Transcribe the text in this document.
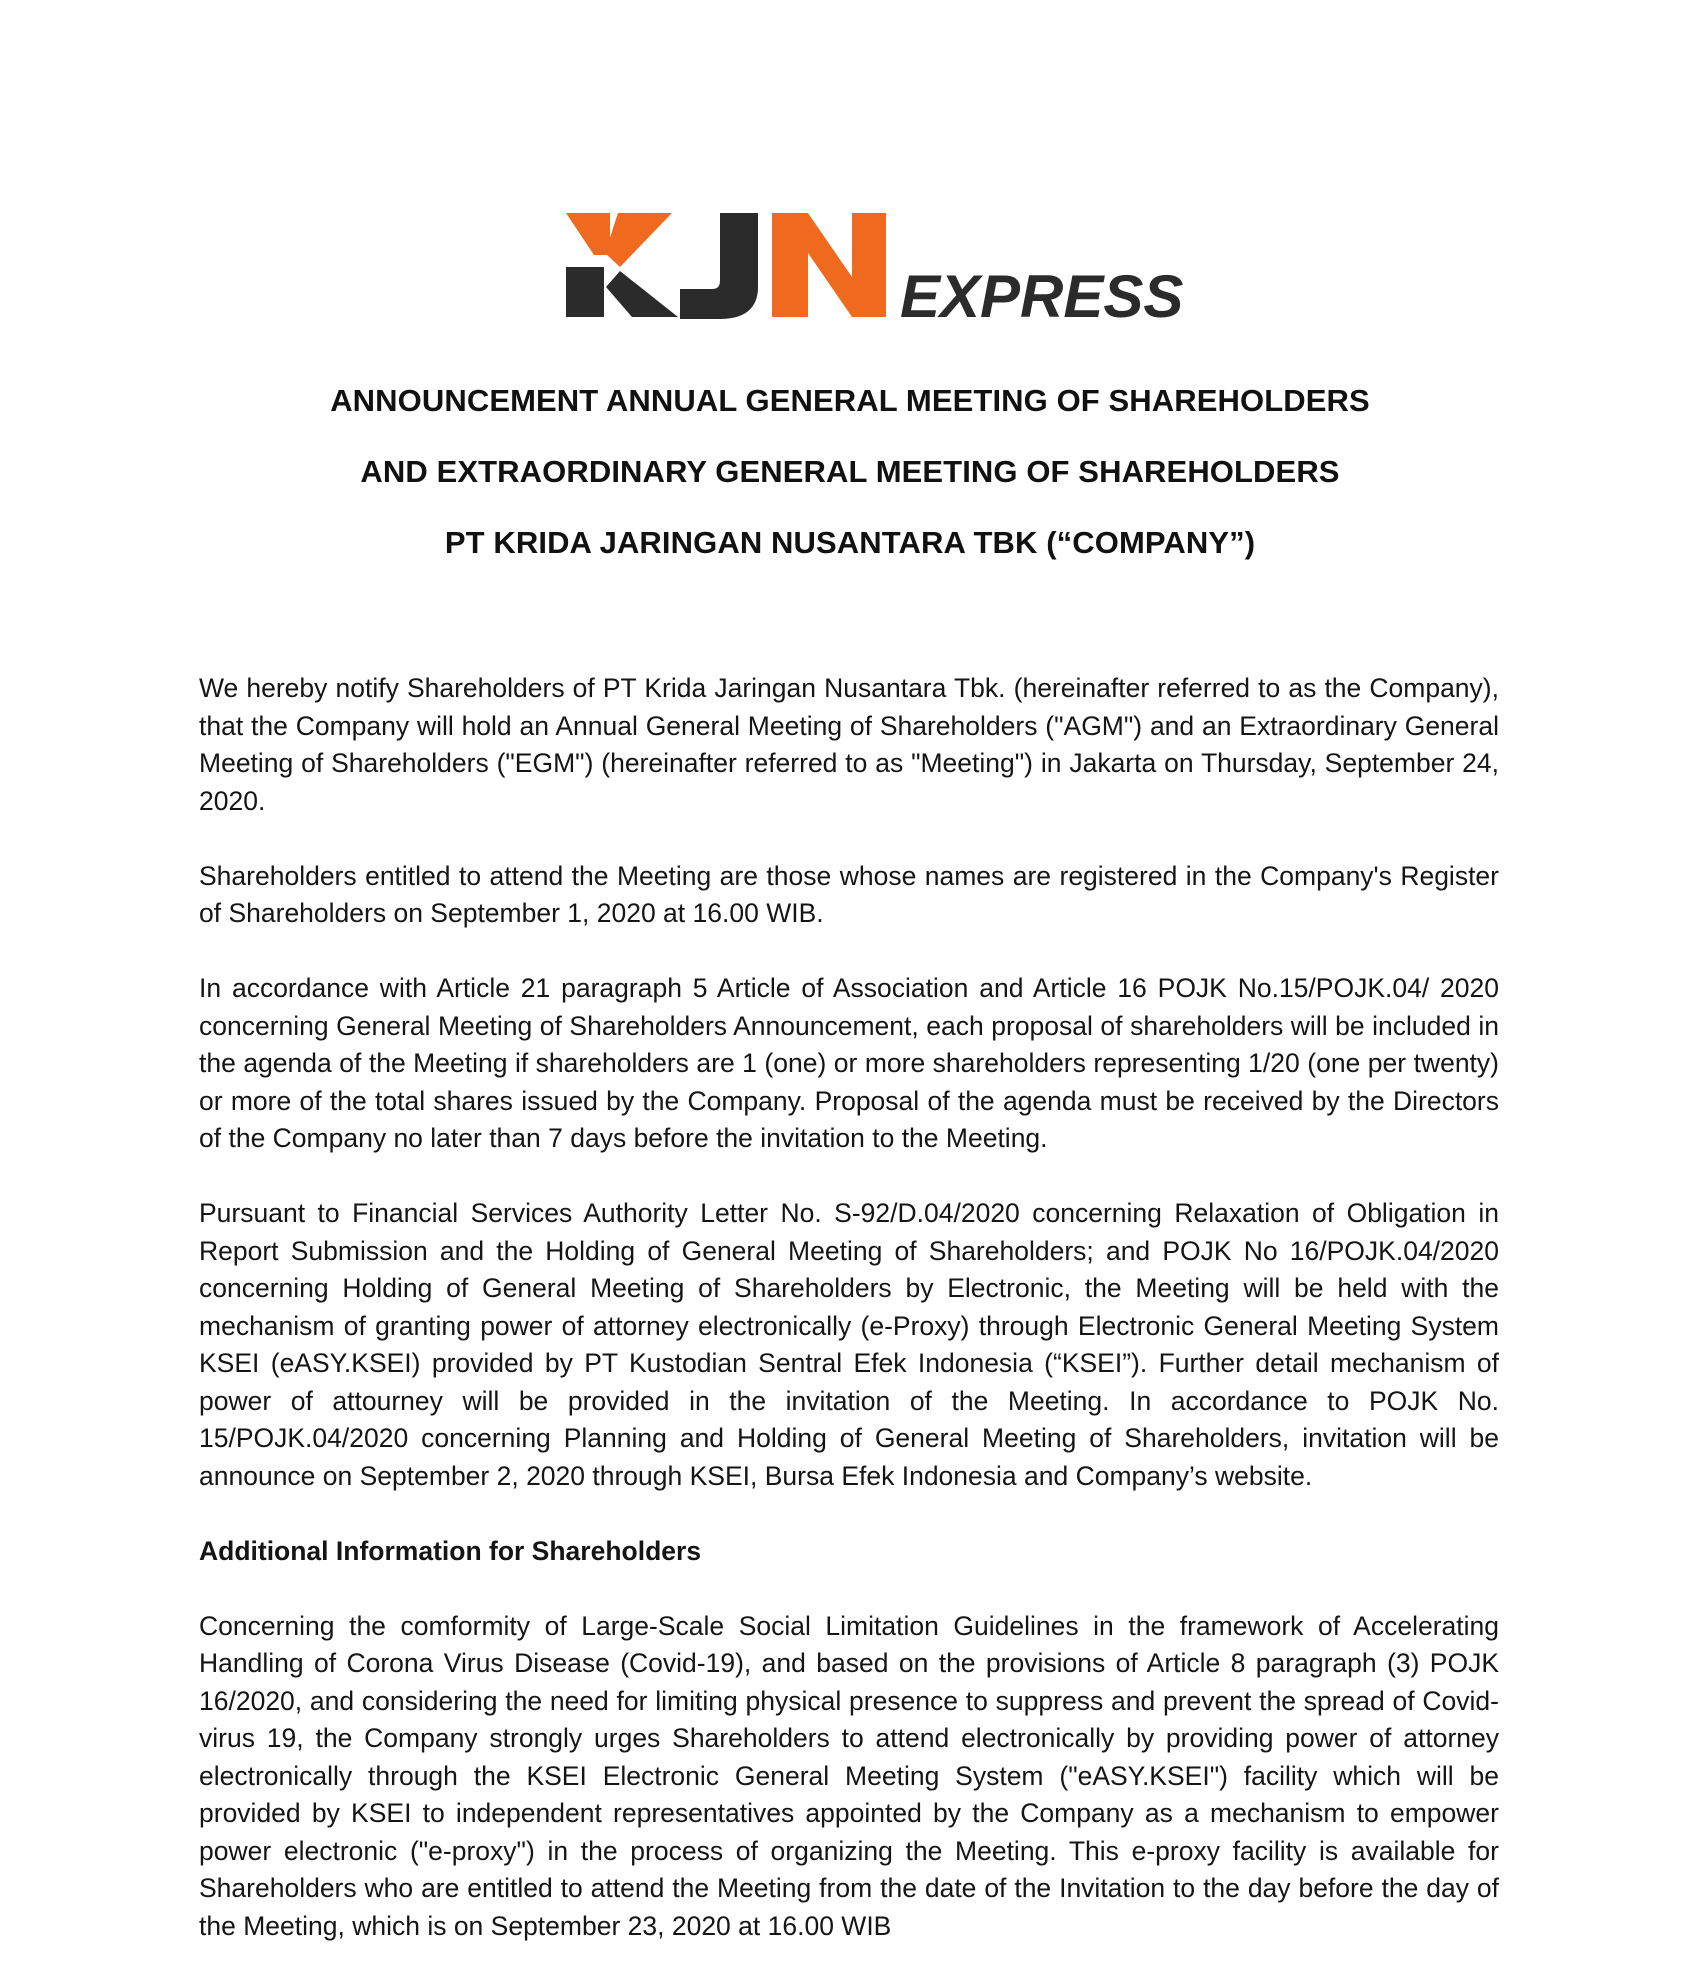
EXPRESS
ANNOUNCEMENT ANNUAL GENERAL MEETING OF SHAREHOLDERS
AND EXTRAORDINARY GENERAL MEETING OF SHAREHOLDERS
PT KRIDA JARINGAN NUSANTARA TBK (“COMPANY”)

We hereby notify Shareholders of PT Krida Jaringan Nusantara Tbk. (hereinafter referred to as the Company), that the Company will hold an Annual General Meeting of Shareholders ("AGM") and an Extraordinary General Meeting of Shareholders ("EGM") (hereinafter referred to as "Meeting") in Jakarta on Thursday, September 24, 2020.

Shareholders entitled to attend the Meeting are those whose names are registered in the Company's Register of Shareholders on September 1, 2020 at 16.00 WIB.

In accordance with Article 21 paragraph 5 Article of Association and Article 16 POJK No.15/POJK.04/ 2020 concerning General Meeting of Shareholders Announcement, each proposal of shareholders will be included in the agenda of the Meeting if shareholders are 1 (one) or more shareholders representing 1/20 (one per twenty) or more of the total shares issued by the Company. Proposal of the agenda must be received by the Directors of the Company no later than 7 days before the invitation to the Meeting.

Pursuant to Financial Services Authority Letter No. S-92/D.04/2020 concerning Relaxation of Obligation in Report Submission and the Holding of General Meeting of Shareholders; and POJK No 16/POJK.04/2020 concerning Holding of General Meeting of Shareholders by Electronic, the Meeting will be held with the mechanism of granting power of attorney electronically (e-Proxy) through Electronic General Meeting System KSEI (eASY.KSEI) provided by PT Kustodian Sentral Efek Indonesia (“KSEI”). Further detail mechanism of power of attourney will be provided in the invitation of the Meeting. In accordance to POJK No. 15/POJK.04/2020 concerning Planning and Holding of General Meeting of Shareholders, invitation will be announce on September 2, 2020 through KSEI, Bursa Efek Indonesia and Company’s website.

Additional Information for Shareholders

Concerning the comformity of Large-Scale Social Limitation Guidelines in the framework of Accelerating Handling of Corona Virus Disease (Covid-19), and based on the provisions of Article 8 paragraph (3) POJK 16/2020, and considering the need for limiting physical presence to suppress and prevent the spread of Covid-virus 19, the Company strongly urges Shareholders to attend electronically by providing power of attorney electronically through the KSEI Electronic General Meeting System ("eASY.KSEI") facility which will be provided by KSEI to independent representatives appointed by the Company as a mechanism to empower power electronic ("e-proxy") in the process of organizing the Meeting. This e-proxy facility is available for Shareholders who are entitled to attend the Meeting from the date of the Invitation to the day before the day of the Meeting, which is on September 23, 2020 at 16.00 WIB
